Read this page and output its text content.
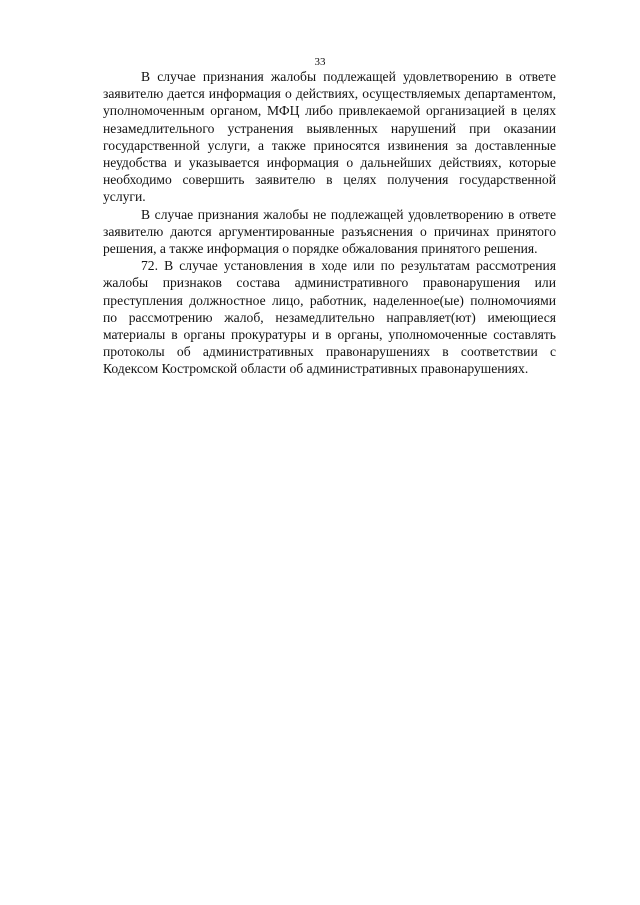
33

В случае признания жалобы подлежащей удовлетворению в ответе заявителю дается информация о действиях, осуществляемых департаментом, уполномоченным органом, МФЦ либо привлекаемой организацией в целях незамедлительного устранения выявленных нарушений при оказании государственной услуги, а также приносятся извинения за доставленные неудобства и указывается информация о дальнейших действиях, которые необходимо совершить заявителю в целях получения государственной услуги.

В случае признания жалобы не подлежащей удовлетворению в ответе заявителю даются аргументированные разъяснения о причинах принятого решения, а также информация о порядке обжалования принятого решения.

72. В случае установления в ходе или по результатам рассмотрения жалобы признаков состава административного правонарушения или преступления должностное лицо, работник, наделенное(ые) полномочиями по рассмотрению жалоб, незамедлительно направляет(ют) имеющиеся материалы в органы прокуратуры и в органы, уполномоченные составлять протоколы об административных правонарушениях в соответствии с Кодексом Костромской области об административных правонарушениях.
